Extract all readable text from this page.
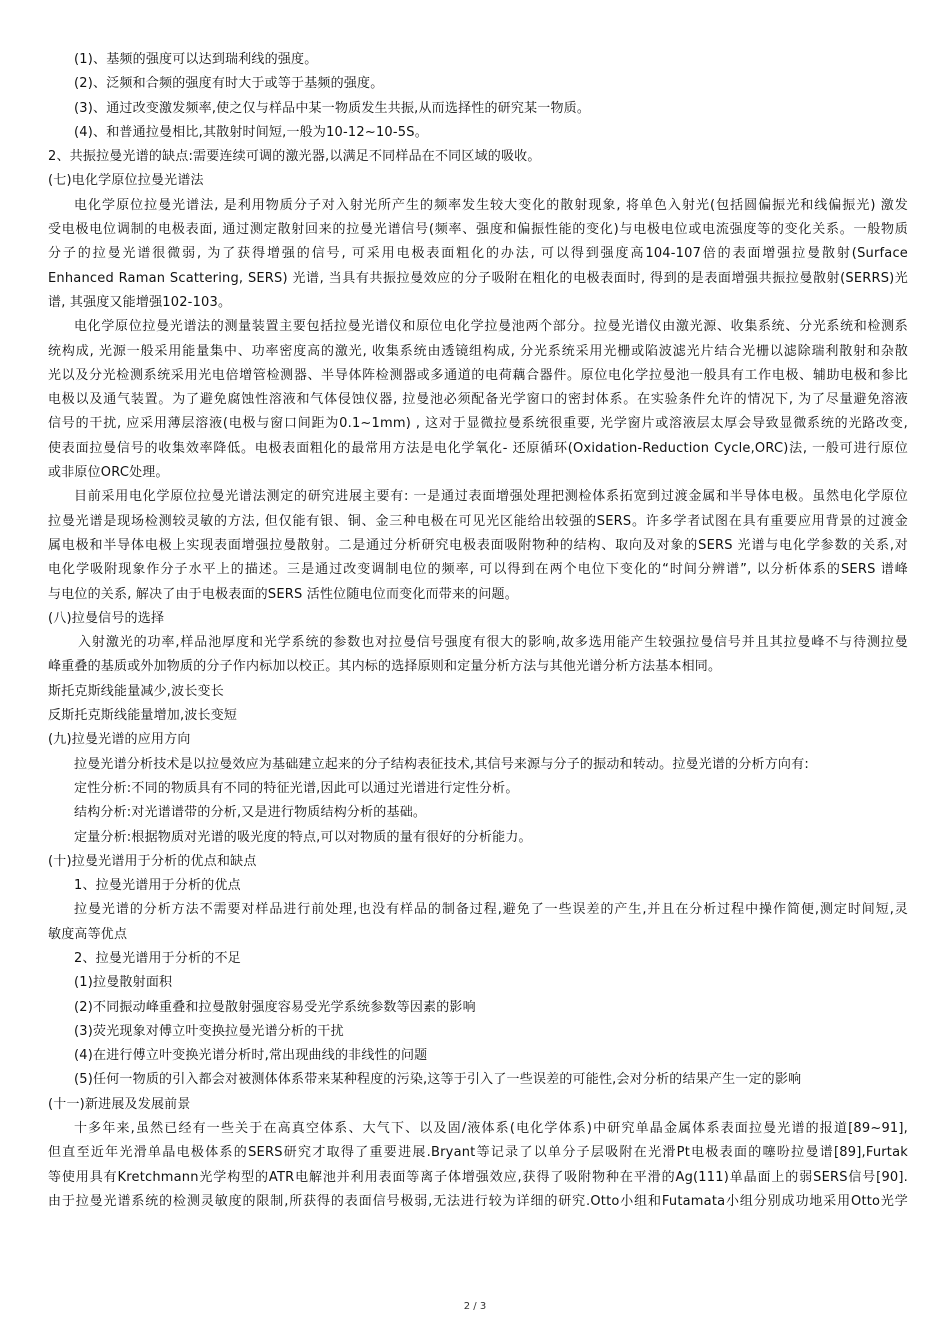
(1)、基频的强度可以达到瑞利线的强度。
(2)、泛频和合频的强度有时大于或等于基频的强度。
(3)、通过改变激发频率,使之仅与样品中某一物质发生共振,从而选择性的研究某一物质。
(4)、和普通拉曼相比,其散射时间短,一般为10-12~10-5S。
2、共振拉曼光谱的缺点:需要连续可调的激光器,以满足不同样品在不同区域的吸收。
(七)电化学原位拉曼光谱法
电化学原位拉曼光谱法, 是利用物质分子对入射光所产生的频率发生较大变化的散射现象, 将单色入射光(包括圆偏振光和线偏振光) 激发
受电极电位调制的电极表面, 通过测定散射回来的拉曼光谱信号(频率、强度和偏振性能的变化)与电极电位或电流强度等的变化关系。一般物质
分子的拉曼光谱很微弱, 为了获得增强的信号, 可采用电极表面粗化的办法, 可以得到强度高104-107倍的表面增强拉曼散射(Surface
Enhanced Raman Scattering, SERS) 光谱, 当具有共振拉曼效应的分子吸附在粗化的电极表面时, 得到的是表面增强共振拉曼散射(SERRS)光
谱, 其强度又能增强102-103。
电化学原位拉曼光谱法的测量装置主要包括拉曼光谱仪和原位电化学拉曼池两个部分。拉曼光谱仪由激光源、收集系统、分光系统和检测系
统构成, 光源一般采用能量集中、功率密度高的激光, 收集系统由透镜组构成, 分光系统采用光栅或陷波滤光片结合光栅以滤除瑞利散射和杂散
光以及分光检测系统采用光电倍增管检测器、半导体阵检测器或多通道的电荷藕合器件。原位电化学拉曼池一般具有工作电极、辅助电极和参比
电极以及通气装置。为了避免腐蚀性溶液和气体侵蚀仪器, 拉曼池必须配备光学窗口的密封体系。在实验条件允许的情况下, 为了尽量避免溶液
信号的干扰, 应采用薄层溶液(电极与窗口间距为0.1~1mm) , 这对于显微拉曼系统很重要, 光学窗片或溶液层太厚会导致显微系统的光路改变,
使表面拉曼信号的收集效率降低。电极表面粗化的最常用方法是电化学氧化- 还原循环(Oxidation-Reduction Cycle,ORC)法, 一般可进行原位
或非原位ORC处理。
目前采用电化学原位拉曼光谱法测定的研究进展主要有: 一是通过表面增强处理把测检体系拓宽到过渡金属和半导体电极。虽然电化学原位
拉曼光谱是现场检测较灵敏的方法, 但仅能有银、铜、金三种电极在可见光区能给出较强的SERS。许多学者试图在具有重要应用背景的过渡金
属电极和半导体电极上实现表面增强拉曼散射。二是通过分析研究电极表面吸附物种的结构、取向及对象的SERS 光谱与电化学参数的关系,对
电化学吸附现象作分子水平上的描述。三是通过改变调制电位的频率, 可以得到在两个电位下变化的“时间分辨谱”, 以分析体系的SERS 谱峰
与电位的关系, 解决了由于电极表面的SERS 活性位随电位而变化而带来的问题。
(八)拉曼信号的选择
入射激光的功率,样品池厚度和光学系统的参数也对拉曼信号强度有很大的影响,故多选用能产生较强拉曼信号并且其拉曼峰不与待测拉曼
峰重叠的基质或外加物质的分子作内标加以校正。其内标的选择原则和定量分析方法与其他光谱分析方法基本相同。
斯托克斯线能量减少,波长变长
反斯托克斯线能量增加,波长变短
(九)拉曼光谱的应用方向
拉曼光谱分析技术是以拉曼效应为基础建立起来的分子结构表征技术,其信号来源与分子的振动和转动。拉曼光谱的分析方向有:
定性分析:不同的物质具有不同的特征光谱,因此可以通过光谱进行定性分析。
结构分析:对光谱谱带的分析,又是进行物质结构分析的基础。
定量分析:根据物质对光谱的吸光度的特点,可以对物质的量有很好的分析能力。
(十)拉曼光谱用于分析的优点和缺点
1、拉曼光谱用于分析的优点
拉曼光谱的分析方法不需要对样品进行前处理,也没有样品的制备过程,避免了一些误差的产生,并且在分析过程中操作简便,测定时间短,灵
敏度高等优点
2、拉曼光谱用于分析的不足
(1)拉曼散射面积
(2)不同振动峰重叠和拉曼散射强度容易受光学系统参数等因素的影响
(3)荧光现象对傅立叶变换拉曼光谱分析的干扰
(4)在进行傅立叶变换光谱分析时,常出现曲线的非线性的问题
(5)任何一物质的引入都会对被测体体系带来某种程度的污染,这等于引入了一些误差的可能性,会对分析的结果产生一定的影响
(十一)新进展及发展前景
十多年来,虽然已经有一些关于在高真空体系、大气下、以及固/液体系(电化学体系)中研究单晶金属体系表面拉曼光谱的报道[89~91],
但直至近年光滑单晶电极体系的SERS研究才取得了重要进展.Bryant等记录了以单分子层吸附在光滑Pt电极表面的噻吩拉曼谱[89],Furtak
等使用具有Kretchmann光学构型的ATR电解池并利用表面等离子体增强效应,获得了吸附物种在平滑的Ag(111)单晶面上的弱SERS信号[90].
由于拉曼光谱系统的检测灵敏度的限制,所获得的表面信号极弱,无法进行较为详细的研究.Otto小组和Futamata小组分别成功地采用Otto光学
2 / 3
